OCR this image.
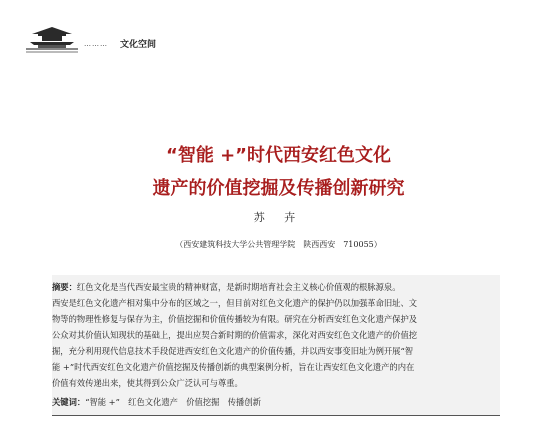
……… 文化空间
“智能 +”时代西安红色文化
遗产的价值挖掘及传播创新研究
苏 卉
（西安建筑科技大学公共管理学院　陕西西安　710055）
摘要：红色文化是当代西安最宝贵的精神财富，是新时期培育社会主义核心价值观的根脉源泉。
西安是红色文化遗产相对集中分布的区域之一，但目前对红色文化遗产的保护仍以加强革命旧址、文
物等的物理性修复与保存为主，价值挖掘和价值传播较为有限。研究在分析西安红色文化遗产保护及
公众对其价值认知现状的基础上，提出应契合新时期的价值需求，深化对西安红色文化遗产的价值挖
掘，充分利用现代信息技术手段促进西安红色文化遗产的价值传播，并以西安事变旧址为例开展“智
能 +”时代西安红色文化遗产价值挖掘及传播创新的典型案例分析，旨在让西安红色文化遗产的内在
价值有效传递出来，使其得到公众广泛认可与尊重。
关键词：“智能 +”　红色文化遗产　价值挖掘　传播创新
